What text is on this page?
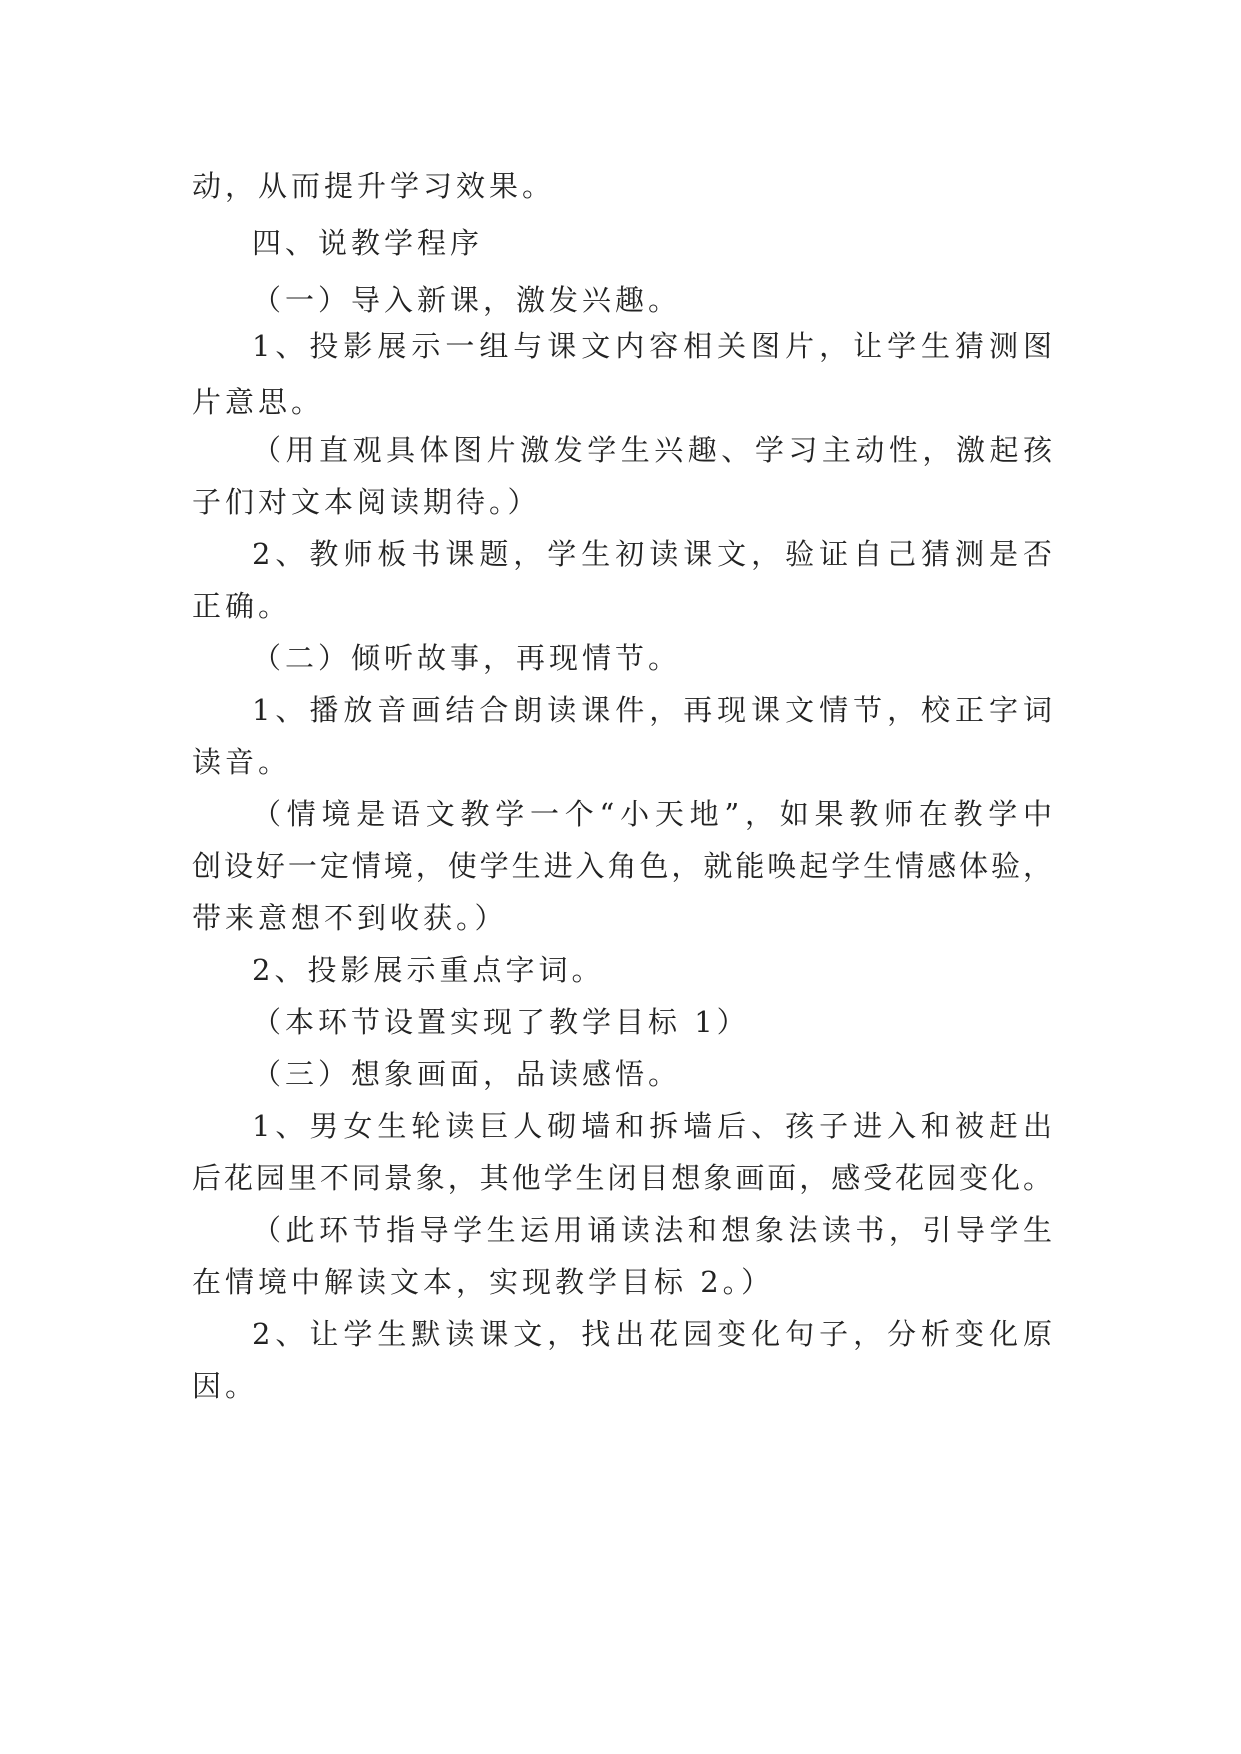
动，从而提升学习效果。

四、说教学程序

（一）导入新课，激发兴趣。

1、投影展示一组与课文内容相关图片，让学生猜测图

片意思。

（用直观具体图片激发学生兴趣、学习主动性，激起孩

子们对文本阅读期待。）

2、教师板书课题，学生初读课文，验证自己猜测是否

正确。

（二）倾听故事，再现情节。

1、播放音画结合朗读课件，再现课文情节，校正字词

读音。

（情境是语文教学一个“小天地”，如果教师在教学中

创设好一定情境，使学生进入角色，就能唤起学生情感体验，

带来意想不到收获。）

2、投影展示重点字词。

（本环节设置实现了教学目标 1）

（三）想象画面，品读感悟。

1、男女生轮读巨人砌墙和拆墙后、孩子进入和被赶出

后花园里不同景象，其他学生闭目想象画面，感受花园变化。

（此环节指导学生运用诵读法和想象法读书，引导学生

在情境中解读文本，实现教学目标 2。）

2、让学生默读课文，找出花园变化句子，分析变化原

因。
